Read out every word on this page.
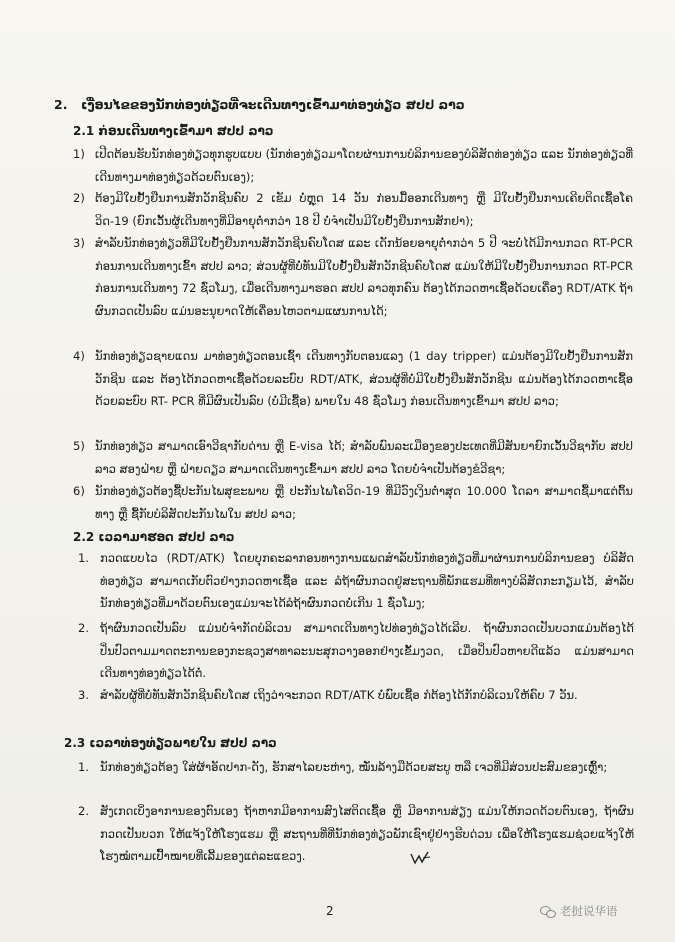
2. ເງື່ອນໄຂຂອງນັກທ່ອງທ່ຽວທີ່ຈະເດີນທາງເຂົ້າມາທ່ອງທ່ຽວ ສປປ ລາວ
2.1 ກ່ອນເດີນທາງເຂົ້າມາ ສປປ ລາວ
1) ເປີດຕ້ອນຮັບນັກທ່ອງທ່ຽວທຸກຮູບແບບ (ນັກທ່ອງທ່ຽວມາໂດຍຜ່ານການບໍລິການຂອງບໍລິສັດທ່ອງທ່ຽວ ແລະ ນັກທ່ອງທ່ຽວທີ່ເດີນທາງມາທ່ອງທ່ຽວດ້ວຍຕົນເອງ);
2) ຕ້ອງມີໃບຢັ້ງຢືນການສັກວັກຊີນຄົບ 2 ເຂັມ ບໍ່ຫຼຸດ 14 ວັນ ກ່ອນມື້ອອກເດີນທາງ ຫຼື ມີໃບຢັ້ງຢືນການເຄີຍຕິດເຊື້ອໂຄວິດ-19 (ຍົກເວັ້ນຜູ້ເດີນທາງທີ່ມີອາຍຸຕໍ່າກວ່າ 18 ປີ ບໍ່ຈຳເປັນມີໃບຢັ້ງຢືນການສັກຢາ);
3) ສຳລັບນັກທ່ອງທ່ຽວທີ່ມີໃບຢັ້ງຢືນການສັກວັກຊີນຄົບໂດສ ແລະ ເດັກນ້ອຍອາຍຸຕໍ່າກວ່າ 5 ປີ ຈະບໍ່ໄດ້ມີການກວດ RT-PCR ກ່ອນການເດີນທາງເຂົ້າ ສປປ ລາວ; ສ່ວນຜູ້ທີ່ບໍ່ທັນມີໃບຢັ້ງຢືນສັກວັກຊີນຄົບໂດສ ແມ່ນໃຫ້ມີໃບຢັ້ງຢືນການກວດ RT-PCR ກ່ອນການເດີນທາງ 72 ຊົ່ວໂມງ, ເມື່ອເດີນທາງມາຮອດ ສປປ ລາວທຸກຄົນ ຕ້ອງໄດ້ກວດຫາເຊື້ອດ້ວຍເຄື່ອງ RDT/ATK ຖ້າຜົນກວດເປັນລົບ ແມ່ນອະນຸຍາດໃຫ້ເຄື່ອນໄຫວຕາມແຜນການໄດ້;
4) ນັກທ່ອງທ່ຽວຊາຍແດນ ມາທ່ອງທ່ຽວຕອນເຊົ້າ ເດີນທາງກັບຕອນແລງ (1 day tripper) ແມ່ນຕ້ອງມີໃບຢັ້ງຢືນການສັກວັກຊີນ ແລະ ຕ້ອງໄດ້ກວດຫາເຊື້ອດ້ວຍລະບົບ RDT/ATK, ສ່ວນຜູ້ທີ່ບໍ່ມີໃບຢັ້ງຢືນສັກວັກຊີນ ແມ່ນຕ້ອງໄດ້ກວດຫາເຊື້ອດ້ວຍລະບົບ RT- PCR ທີ່ມີຜົນເປັນລົບ (ບໍ່ມີເຊື້ອ) ພາຍໃນ 48 ຊົ່ວໂມງ ກ່ອນເດີນທາງເຂົ້າມາ ສປປ ລາວ;
5) ນັກທ່ອງທ່ຽວ ສາມາດເອົາວີຊາກັບດ່ານ ຫຼື E-visa ໄດ້; ສຳລັບພົນລະເມືອງຂອງປະເທດທີ່ມີສັນຍາຍົກເວັ້ນວີຊາກັບ ສປປ ລາວ ສອງຝ່າຍ ຫຼື ຝ່າຍດຽວ ສາມາດເດີນທາງເຂົ້າມາ ສປປ ລາວ ໂດຍບໍ່ຈຳເປັນຕ້ອງຂໍວີຊາ;
6) ນັກທ່ອງທ່ຽວຕ້ອງຊື້ປະກັນໄພສຸຂະພາບ ຫຼື ປະກັນໄພໂຄວິດ-19 ທີ່ມີວົງເງິນຕໍ່າສຸດ 10.000 ໂດລາ ສາມາດຊື້ມາແຕ່ຕົ້ນທາງ ຫຼື ຊື້ກັບບໍລິສັດປະກັນໄພໃນ ສປປ ລາວ;
2.2 ເວລາມາຮອດ ສປປ ລາວ
1. ກວດແບບໄວ (RDT/ATK) ໂດຍບຸກຄະລາກອນທາງການແພດສຳລັບນັກທ່ອງທ່ຽວທີ່ມາຜ່ານການບໍລິການຂອງ ບໍລິສັດທ່ອງທ່ຽວ ສາມາດເກັບຕົວຢ່າງກວດຫາເຊື້ອ ແລະ ລໍຖ້າຜົນກວດຢູ່ສະຖານທີ່ພັກແຮມທີ່ທາງບໍລິສັດກະກຽມໄວ້, ສຳລັບນັກທ່ອງທ່ຽວທີ່ມາດ້ວຍຕົນເອງແມ່ນຈະໄດ້ລໍຖ້າຜົນກວດບໍ່ເກີນ 1 ຊົ່ວໂມງ;
2. ຖ້າຜົນກວດເປັນລົບ ແມ່ນບໍ່ຈຳກັດບໍລິເວນ ສາມາດເດີນທາງໄປທ່ອງທ່ຽວໄດ້ເລີຍ. ຖ້າຜົນກວດເປັນບວກແມ່ນຕ້ອງໄດ້ປິ່ນປົວຕາມມາດຕະການຂອງກະຊວງສາທາລະນະສຸກວາງອອກຢ່າງເຂັ້ມງວດ, ເມື່ອປິ່ນປົວຫາຍດີແລ້ວ ແມ່ນສາມາດເດີນທາງທ່ອງທ່ຽວໄດ້ຕໍ່.
3. ສຳລັບຜູ້ທີ່ບໍ່ທັນສັກວັກຊີນຄົບໂດສ ເຖິງວ່າຈະກວດ RDT/ATK ບໍ່ພົບເຊື້ອ ກໍຕ້ອງໄດ້ກັກບໍລິເວນໃຫ້ຄົບ 7 ວັນ.
2.3 ເວລາທ່ອງທ່ຽວພາຍໃນ ສປປ ລາວ
1. ນັກທ່ອງທ່ຽວຕ້ອງ ໃສ່ຜ້າອັດປາກ-ດັງ, ຮັກສາໄລຍະຫ່າງ, ໝັ່ນລ້າງມືດ້ວຍສະບູ ຫລື ເຈວທີ່ມີສ່ວນປະສົມຂອງເຫຼົ້າ;
2. ສັງເກດເບິ່ງອາການຂອງຕົນເອງ ຖ້າຫາກມີອາການສົງໄສຕິດເຊື້ອ ຫຼື ມີອາການສ່ຽງ ແມ່ນໃຫ້ກວດດ້ວຍຕົນເອງ, ຖ້າຜົນກວດເປັນບວກ ໃຫ້ແຈ້ງໃຫ້ໂຮງແຮມ ຫຼື ສະຖານທີ່ທີ່ນັກທ່ອງທ່ຽວພັກເຊົາຢູ່ຢ່າງຮີບດ່ວນ ເພື່ອໃຫ້ໂຮງແຮມຊ່ວຍແຈ້ງໃຫ້ໂຮງໝໍຕາມເປົ້າໝາຍທີ່ເລີ້ມຂອງແຕ່ລະແຂວງ.
2	老挝说华语
